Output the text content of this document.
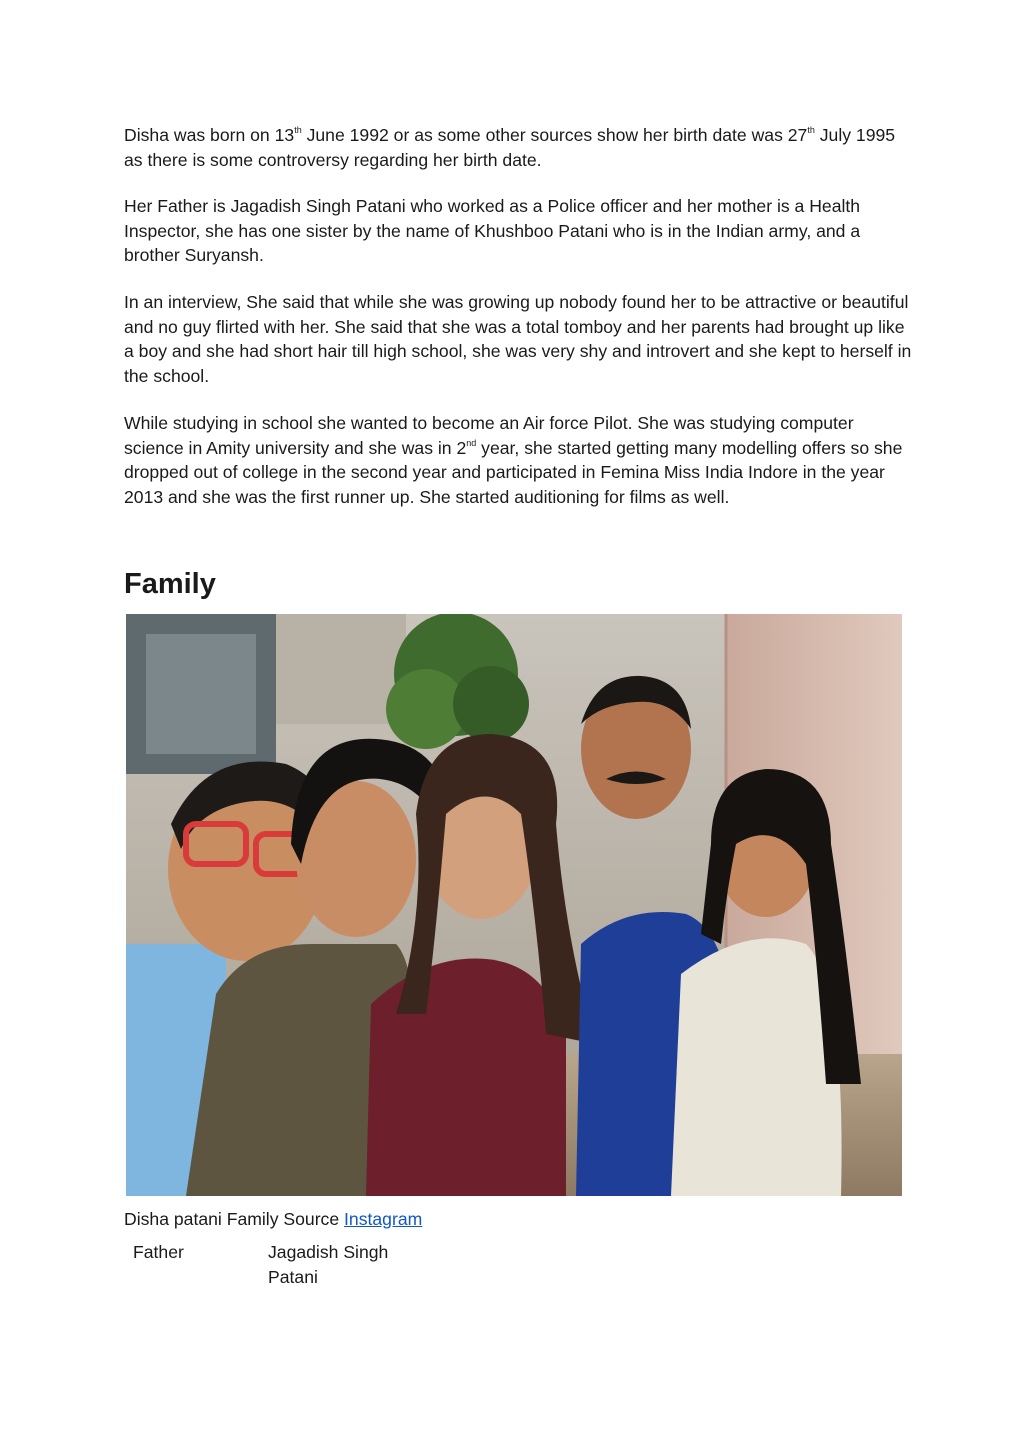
Disha was born on 13th June 1992 or as some other sources show her birth date was 27th July 1995 as there is some controversy regarding her birth date.

Her Father is Jagadish Singh Patani who worked as a Police officer and her mother is a Health Inspector, she has one sister by the name of Khushboo Patani who is in the Indian army, and a brother Suryansh.

In an interview, She said that while she was growing up nobody found her to be attractive or beautiful and no guy flirted with her. She said that she was a total tomboy and her parents had brought up like a boy and she had short hair till high school, she was very shy and introvert and she kept to herself in the school.

While studying in school she wanted to become an Air force Pilot. She was studying computer science in Amity university and she was in 2nd year, she started getting many modelling offers so she dropped out of college in the second year and participated in Femina Miss India Indore in the year 2013 and she was the first runner up. She started auditioning for films as well.

Family

Disha patani Family Source Instagram

Father	Jagadish Singh Patani
